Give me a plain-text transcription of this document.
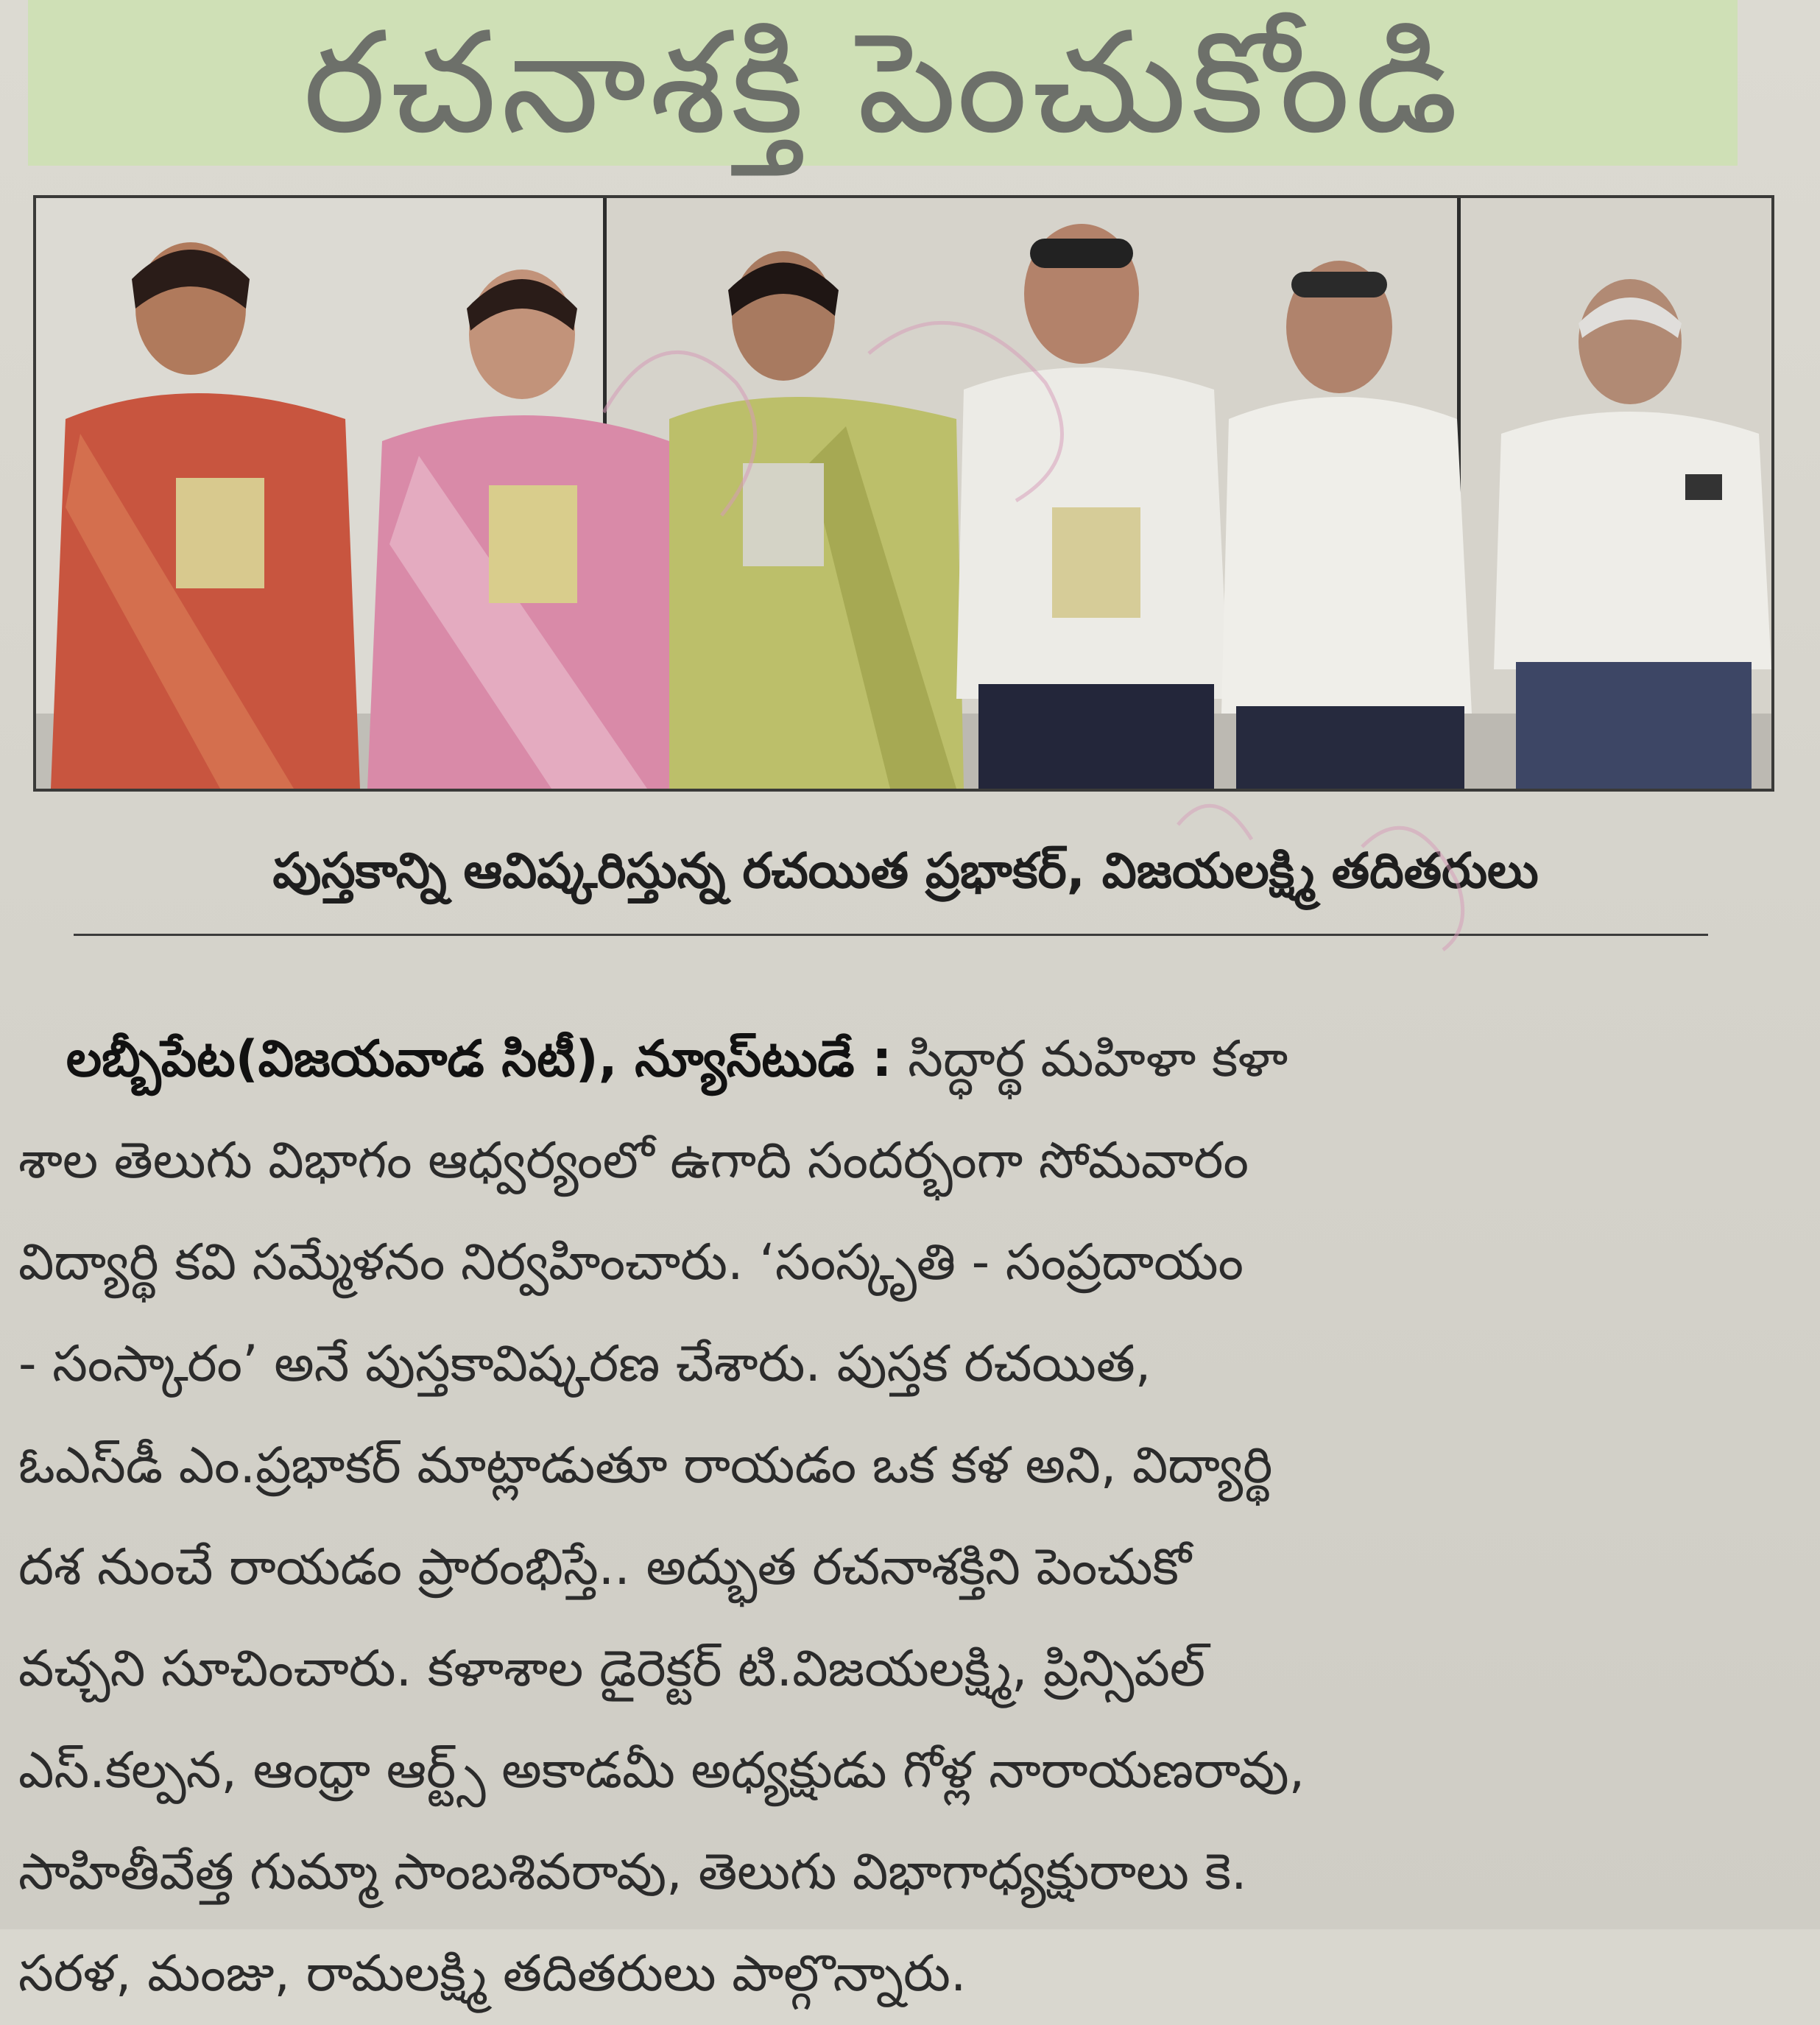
రచనాశక్తి పెంచుకోండి
పుస్తకాన్ని ఆవిష్కరిస్తున్న రచయిత ప్రభాకర్, విజయలక్ష్మి తదితరులు
లబ్బీపేట(విజయవాడ సిటీ), న్యూస్‌టుడే : సిద్ధార్థ మహిళా కళా
శాల తెలుగు విభాగం ఆధ్వర్యంలో ఉగాది సందర్భంగా సోమవారం
విద్యార్థి కవి సమ్మేళనం నిర్వహించారు. ‘సంస్కృతి - సంప్రదాయం
- సంస్కారం’ అనే పుస్తకావిష్కరణ చేశారు. పుస్తక రచయిత,
ఓఎస్‌డీ ఎం.ప్రభాకర్ మాట్లాడుతూ రాయడం ఒక కళ అని, విద్యార్థి
దశ నుంచే రాయడం ప్రారంభిస్తే.. అద్భుత రచనాశక్తిని పెంచుకో
వచ్చని సూచించారు. కళాశాల డైరెక్టర్ టి.విజయలక్ష్మి, ప్రిన్సిపల్
ఎస్.కల్పన, ఆంధ్రా ఆర్ట్స్ అకాడమీ అధ్యక్షుడు గోళ్ల నారాయణరావు,
సాహితీవేత్త గుమ్మా సాంబశివరావు, తెలుగు విభాగాధ్యక్షురాలు కె.
సరళ, మంజు, రామలక్ష్మి తదితరులు పాల్గొన్నారు.
